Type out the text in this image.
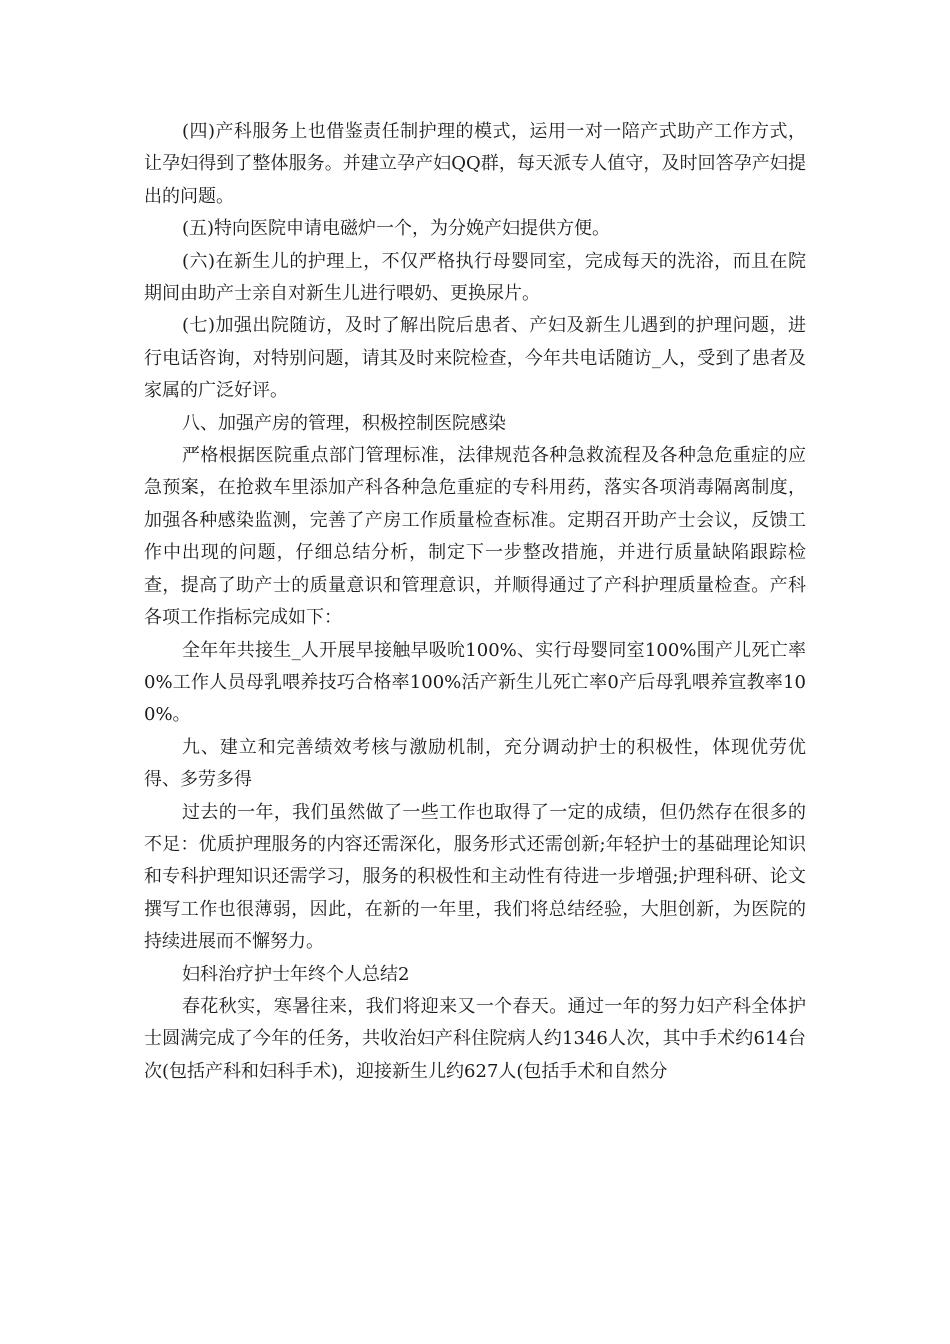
(四)产科服务上也借鉴责任制护理的模式，运用一对一陪产式助产工作方式，让孕妇得到了整体服务。并建立孕产妇QQ群，每天派专人值守，及时回答孕产妇提出的问题。

(五)特向医院申请电磁炉一个，为分娩产妇提供方便。

(六)在新生儿的护理上，不仅严格执行母婴同室，完成每天的洗浴，而且在院期间由助产士亲自对新生儿进行喂奶、更换尿片。

(七)加强出院随访，及时了解出院后患者、产妇及新生儿遇到的护理问题，进行电话咨询，对特别问题，请其及时来院检查，今年共电话随访_人，受到了患者及家属的广泛好评。

八、加强产房的管理，积极控制医院感染

严格根据医院重点部门管理标准，法律规范各种急救流程及各种急危重症的应急预案，在抢救车里添加产科各种急危重症的专科用药，落实各项消毒隔离制度，加强各种感染监测，完善了产房工作质量检查标准。定期召开助产士会议，反馈工作中出现的问题，仔细总结分析，制定下一步整改措施，并进行质量缺陷跟踪检查，提高了助产士的质量意识和管理意识，并顺得通过了产科护理质量检查。产科各项工作指标完成如下：

全年年共接生_人开展早接触早吸吮100%、实行母婴同室100%围产儿死亡率0%工作人员母乳喂养技巧合格率100%活产新生儿死亡率0产后母乳喂养宣教率100%。

九、建立和完善绩效考核与激励机制，充分调动护士的积极性，体现优劳优得、多劳多得

过去的一年，我们虽然做了一些工作也取得了一定的成绩，但仍然存在很多的不足：优质护理服务的内容还需深化，服务形式还需创新;年轻护士的基础理论知识和专科护理知识还需学习，服务的积极性和主动性有待进一步增强;护理科研、论文撰写工作也很薄弱，因此，在新的一年里，我们将总结经验，大胆创新，为医院的持续进展而不懈努力。

妇科治疗护士年终个人总结2

春花秋实，寒暑往来，我们将迎来又一个春天。通过一年的努力妇产科全体护士圆满完成了今年的任务，共收治妇产科住院病人约1346人次，其中手术约614台次(包括产科和妇科手术)，迎接新生儿约627人(包括手术和自然分
